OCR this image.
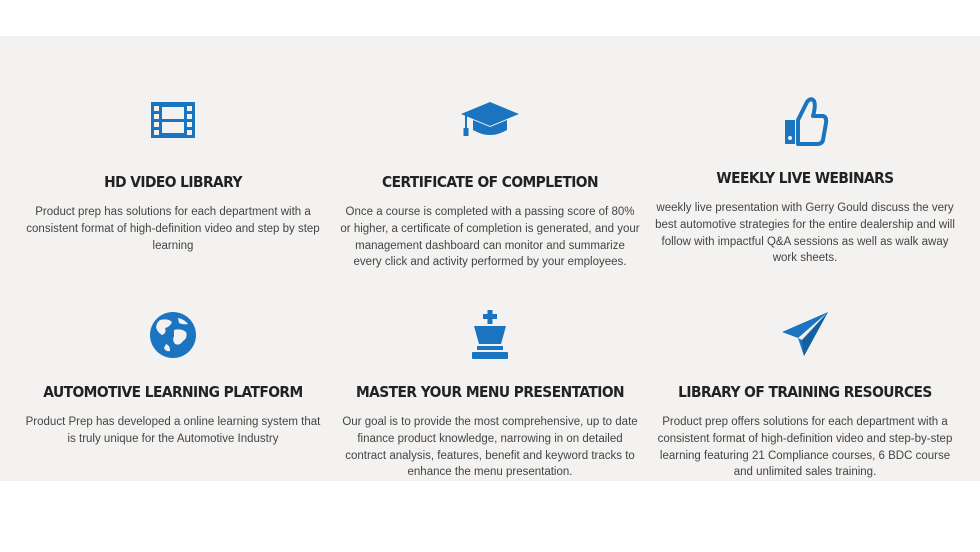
HD VIDEO LIBRARY
Product prep has solutions for each department with a consistent format of high-definition video and step by step learning
CERTIFICATE OF COMPLETION
Once a course is completed with a passing score of 80% or higher, a certificate of completion is generated, and your management dashboard can monitor and summarize every click and activity performed by your employees.
WEEKLY LIVE WEBINARS
weekly live presentation with Gerry Gould discuss the very best automotive strategies for the entire dealership and will follow with impactful Q&A sessions as well as walk away work sheets.
AUTOMOTIVE LEARNING PLATFORM
Product Prep has developed a online learning system that is truly unique for the Automotive Industry
MASTER YOUR MENU PRESENTATION
Our goal is to provide the most comprehensive, up to date finance product knowledge, narrowing in on detailed contract analysis, features, benefit and keyword tracks to enhance the menu presentation.
LIBRARY OF TRAINING RESOURCES
Product prep offers solutions for each department with a consistent format of high-definition video and step-by-step learning featuring 21 Compliance courses, 6 BDC course and unlimited sales training.
